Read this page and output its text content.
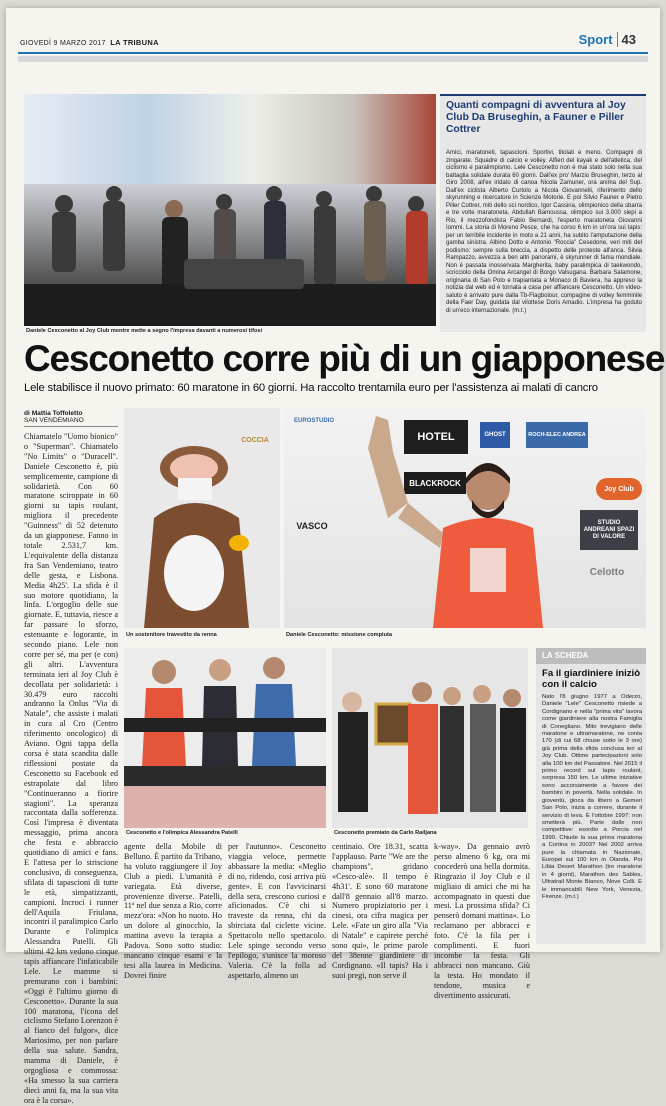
GIOVEDÌ 9 MARZO 2017 LA TRIBUNA	Sport 43
Daniele Cesconetto al Joy Club mentre mette a segno l'impresa davanti a numerosi tifosi
Quanti compagni di avventura al Joy Club Da Bruseghin, a Fauner e Piller Cottrer

Amici, maratoneti, tapascioni. Sportivi, titolati e meno. Compagni di zingarate. Squadre di calcio e volley. Alfieri del kayak e dell'atletica, del ciclismo e paralimpismo. Lele Cesconetto non è mai stato solo nella sua battaglia solidale durata 60 giorni. Dall'ex pro' Marzio Bruseghin, terzo al Giro 2008, all'ex iridato di canoa Nicola Zamuner, ora anima del Sup. Dall'ex ciclista Alberto Curtolo a Nicola Giovannelli, riferimento dello skyrunning e ricercatore in Scienze Motorie. E poi Silvio Fauner e Pietro Piller Cottrer, miti dello sci nordico, Igor Cassina, olimpionico della sbarra e tre volte maratoneta, Abdullah Bamoussa, olimpico sui 3.000 siepi a Rio, il mezzofondista Fabio Bernardi, l'esperto maratoneta Giovanni Iommi. La storia di Moreno Pesce, che ha corso 6 km in un'ora sui tapis: per un terribile incidente in moto a 21 anni, ha subito l'amputazione della gamba sinistra. Albino Dotto e Antonio "Roccia" Cesedone, veri miti del podismo: sempre sulla breccia, a dispetto delle proteste all'anca. Silvia Rampazzo, avvezza a ben altri panorami, è skyrunner di fama mondiale. Non è passata inosservata Margherita, baby paralimpica di taekwondo, scricciolo della Omina Arcangel di Borgo Valsugana. Barbara Salamone, originaria di San Polo e trapiantata a Monaco di Baviera, ha appreso la notizia dal web ed è tornata a casa per affiancare Cesconetto. Un video-saluto è arrivato pure dalla Tb-Flagbolour, compagine di volley femminile della Faer Day, guidata dal vilottese Doris Amadio. L'impresa ha goduto di un'eco internazionale. (m.t.)

Cesconetto corre più di un giapponese
Lele stabilisce il nuovo primato: 60 maratone in 60 giorni. Ha raccolto trentamila euro per l'assistenza ai malati di cancro
di Mattia Toffoletto
SAN VENDEMIANO
Chiamatelo "Uomo bionico" o "Superman". Chiamatelo "No Limits" o "Duracell". Daniele Cesconetto è, più semplicemente, campione di solidarietà. Con 60 maratone sciroppate in 60 giorni su tapis roulant, migliora il precedente "Guinness" di 52 detenuto da un giapponese. Fanno in totale 2.531,7 km. L'equivalente della distanza fra San Vendemiano, teatro delle gesta, e Lisbona. Media 4h25'. La sfida è il suo motore quotidiano, la linfa. L'orgoglio delle sue giornate. E, tuttavia, riesce a far passare lo sforzo, estenuante e logorante, in secondo piano. Lele non corre per sé, ma per (e con) gli altri. L'avventura terminata ieri al Joy Club è decollata per solidarietà: i 30.479 euro raccolti andranno la Onlus "Via di Natale", che assiste i malati in cura al Cro (Centro riferimento oncologico) di Aviano. Ogni tappa della corsa è stata scandita dalle riflessioni postate da Cesconetto su Facebook ed estrapolate dal libro "Continueranno a fiorire stagioni". La speranza raccontata dalla sofferenza. Così l'impresa è diventata messaggio, prima ancora che festa e abbraccio quotidiano di amici e fans. E l'attesa per lo striscione conclusivo, di conseguenza, sfilata di tapascioni di tutte le età, simpatizzanti, campioni. Incroci i runner dell'Aquila Friulana, incontri il paralimpico Carlo Durante e l'olimpica Alessandra Patelli. Gli ultimi 42 km vedono cinque tapis affiancare l'infaticabile Lele. Le mamme si premurano con i bambini: «Oggi è l'ultimo giorno di Cesconetto». Durante la sua 100 maratona, l'icona del ciclismo Stefano Lorenzon è al fianco del fulgor», dice Mariosimo, per non parlare della sua salute. Sandra, mamma di Daniele, è orgogliosa e commossa: «Ha smesso la sua carriera dieci anni fa, ma la sua vita ora è la corsa».
COCCIA
Un sostenitore travestito da renna
EUROSTUDIO
HOTEL	GHOST	ROCH-ELEC ANDREA
Joy Club
BLACKROCK
VASCO	STUDIO ANDREANI SPAZI DI VALORE
Celotto
Daniele Cesconetto: missione compiuta
Cesconetto e l'olimpica Alessandra Patelli	Cesconetto premiato da Carlo Railjana
agente della Mobile di Belluno. È partito da Tribano, ha voluto raggiungere il Joy Club a piedi. L'umanità è variegata. Età diverse, provenienze diverse. Patelli, 11ª nel due senza a Rio, corre mezz'ora: «Non ho nuoto. Ho un dolore al ginocchio, la mattina avevo la terapia a Padova. Sono sotto studio: mancano cinque esami e la tesi alla laurea in Medicina. Dovrei finire
per l'autunno». Cesconetto viaggia veloce, permette abbassare la media: «Meglio di no, ridendo, così arriva più gente». E con l'avvicinarsi della sera, crescono curiosi e aficionados. C'è chi si traveste da renna, chi da sbirciata dal ciclette vicine. Spettacolo nello spettacolo. Lele spinge secondo verso l'epilogo, s'unisce la moroso Valeria. C'è la folla ad aspettarlo, almeno un
centinaio. Ore 18.31, scatta l'applauso. Parte "We are the champions", gridano «Cesco-alè». Il tempo è 4h31'. E sono 60 maratone dall'8 gennaio all'8 marzo. Numero propiziatorio per i cinesi, ora cifra magica per Lele. «Fate un giro alla "Via di Natale" e capirete perché sono qui», le prime parole del 38enne giardiniere di Cordignano. «Il tapis? Ha i suoi pregi, non serve il
k-way». Da gennaio avrò perso almeno 6 kg, ora mi concederò una bella dormita. Ringrazio il Joy Club e il migliaio di amici che mi ha accompagnato in questi due mesi. La prossima sfida? Ci penserò domani mattina». Lo reclamano per abbracci e foto. C'è la fila per i complimenti. E fuori incombe la festa. Gli abbracci non mancano. Giù la testa. Ho mondato il tendone, musica e divertimento assicurati.
LA SCHEDA
Fa il giardiniere iniziò con il calcio

Nato l'8 giugno 1977 a Oderzo, Daniele "Lele" Cesconetto risiede a Cordignano e nella "prima vita" lavora come giardiniere alla nostra Famiglia di Conegliano. Mito trevigiano delle maratone e ultramaratone, ne conta 170 (di cui 68 chiuse sotto le 3 ore) già prima della sfida conclusa ieri al Joy Club. Ottime partecipazioni solo alla 100 km del Passatore. Nel 2015 il primo record sul tapis roulant, sorpresa 150 km. Le ultime iniziative sono accorsamente a favore dei bambini in povertà. Nella solidale. In gioventù, gioca da libero a Gemeri San Polo, inizia a correre, durante il servizio di leva. È l'ottobre 1997: non smetterà più. Parte dalle non competitive: esordio a Porcia nel 1990. Chiude la sua prima maratona a Cortina in 2003? Nel 2002 arriva pure la chiamata in Nazionale, Europei sui 100 km in Olanda. Poi Libia Desert Marathon (tre maratone in 4 giorni), Marathon des Sables, Ultratrail Monte Bianco, Nove Colli. E le immancabili New York, Venezia, Firenze. (m.t.)
